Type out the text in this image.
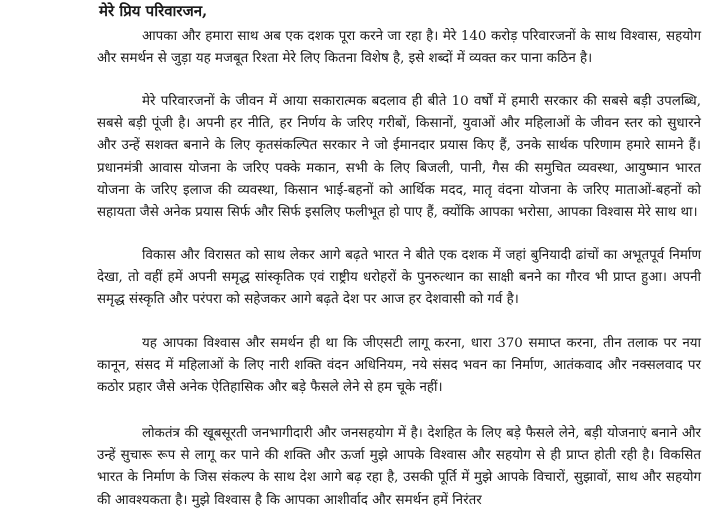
मेरे प्रिय परिवारजन,

आपका और हमारा साथ अब एक दशक पूरा करने जा रहा है। मेरे 140 करोड़ परिवारजनों के साथ विश्वास, सहयोग और समर्थन से जुड़ा यह मजबूत रिश्ता मेरे लिए कितना विशेष है, इसे शब्दों में व्यक्त कर पाना कठिन है।

मेरे परिवारजनों के जीवन में आया सकारात्मक बदलाव ही बीते 10 वर्षों में हमारी सरकार की सबसे बड़ी उपलब्धि, सबसे बड़ी पूंजी है। अपनी हर नीति, हर निर्णय के जरिए गरीबों, किसानों, युवाओं और महिलाओं के जीवन स्तर को सुधारने और उन्हें सशक्त बनाने के लिए कृतसंकल्पित सरकार ने जो ईमानदार प्रयास किए हैं, उनके सार्थक परिणाम हमारे सामने हैं। प्रधानमंत्री आवास योजना के जरिए पक्के मकान, सभी के लिए बिजली, पानी, गैस की समुचित व्यवस्था, आयुष्मान भारत योजना के जरिए इलाज की व्यवस्था, किसान भाई-बहनों को आर्थिक मदद, मातृ वंदना योजना के जरिए माताओं-बहनों को सहायता जैसे अनेक प्रयास सिर्फ और सिर्फ इसलिए फलीभूत हो पाए हैं, क्योंकि आपका भरोसा, आपका विश्वास मेरे साथ था।

विकास और विरासत को साथ लेकर आगे बढ़ते भारत ने बीते एक दशक में जहां बुनियादी ढांचों का अभूतपूर्व निर्माण देखा, तो वहीं हमें अपनी समृद्ध सांस्कृतिक एवं राष्ट्रीय धरोहरों के पुनरुत्थान का साक्षी बनने का गौरव भी प्राप्त हुआ। अपनी समृद्ध संस्कृति और परंपरा को सहेजकर आगे बढ़ते देश पर आज हर देशवासी को गर्व है।

यह आपका विश्वास और समर्थन ही था कि जीएसटी लागू करना, धारा 370 समाप्त करना, तीन तलाक पर नया कानून, संसद में महिलाओं के लिए नारी शक्ति वंदन अधिनियम, नये संसद भवन का निर्माण, आतंकवाद और नक्सलवाद पर कठोर प्रहार जैसे अनेक ऐतिहासिक और बड़े फैसले लेने से हम चूके नहीं।

लोकतंत्र की खूबसूरती जनभागीदारी और जनसहयोग में है। देशहित के लिए बड़े फैसले लेने, बड़ी योजनाएं बनाने और उन्हें सुचारू रूप से लागू कर पाने की शक्ति और ऊर्जा मुझे आपके विश्वास और सहयोग से ही प्राप्त होती रही है। विकसित भारत के निर्माण के जिस संकल्प के साथ देश आगे बढ़ रहा है, उसकी पूर्ति में मुझे आपके विचारों, सुझावों, साथ और सहयोग की आवश्यकता है। मुझे विश्वास है कि आपका आशीर्वाद और समर्थन हमें निरंतर
